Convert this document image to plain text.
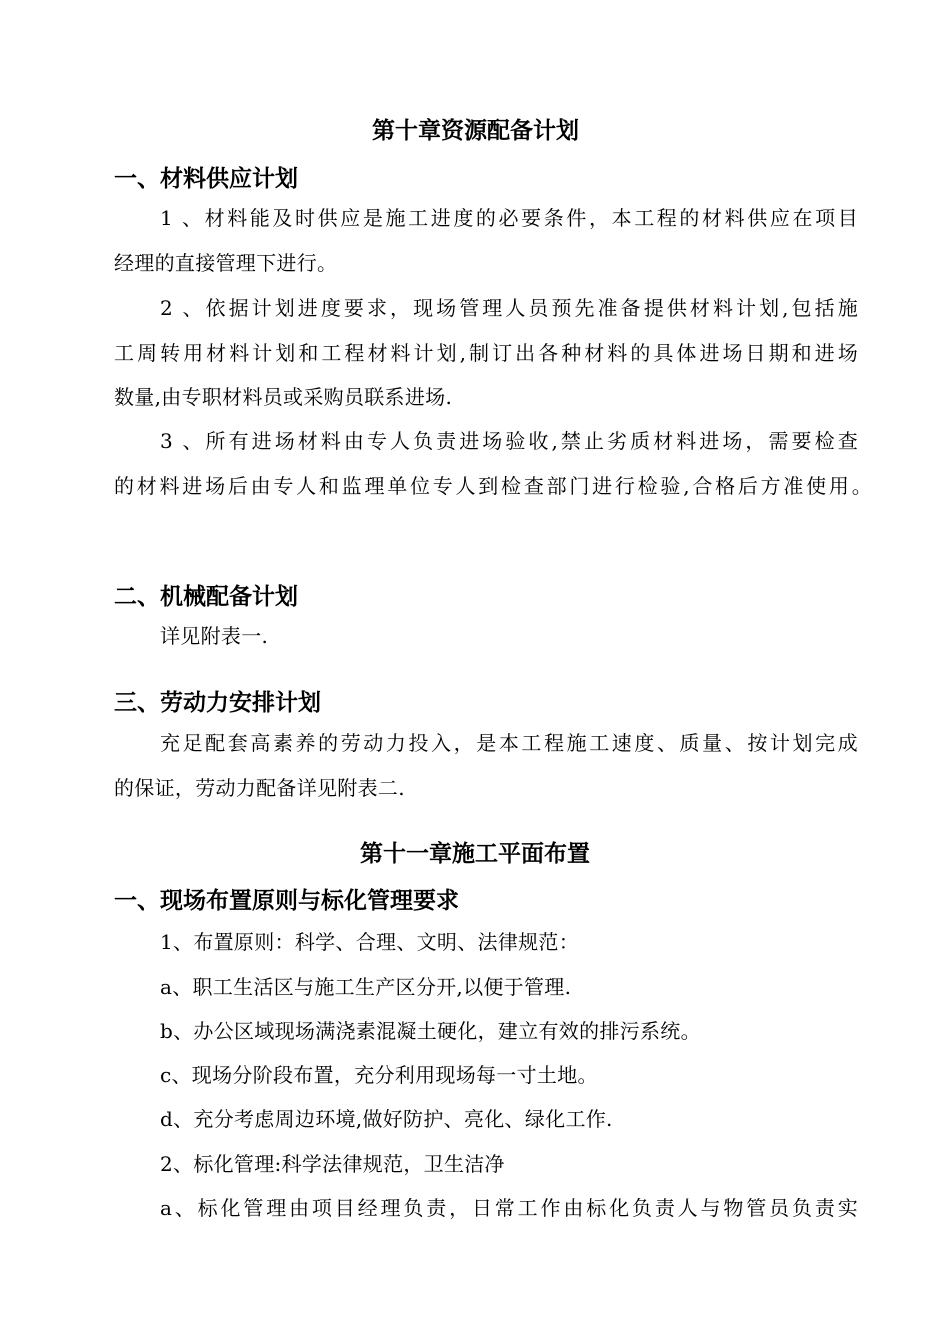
第十章资源配备计划
一、材料供应计划

1 、材料能及时供应是施工进度的必要条件，本工程的材料供应在项目

经理的直接管理下进行。

2 、依据计划进度要求，现场管理人员预先准备提供材料计划,包括施

工周转用材料计划和工程材料计划,制订出各种材料的具体进场日期和进场

数量,由专职材料员或采购员联系进场.

3 、所有进场材料由专人负责进场验收,禁止劣质材料进场，需要检查

的材料进场后由专人和监理单位专人到检查部门进行检验,合格后方准使用。

二、机械配备计划

详见附表一.

三、劳动力安排计划

充足配套高素养的劳动力投入，是本工程施工速度、质量、按计划完成

的保证，劳动力配备详见附表二.

第十一章施工平面布置
一、现场布置原则与标化管理要求

1、布置原则：科学、合理、文明、法律规范：

a、职工生活区与施工生产区分开,以便于管理.

b、办公区域现场满浇素混凝土硬化，建立有效的排污系统。

c、现场分阶段布置，充分利用现场每一寸土地。

d、充分考虑周边环境,做好防护、亮化、绿化工作.

2、标化管理:科学法律规范，卫生洁净

a、标化管理由项目经理负责，日常工作由标化负责人与物管员负责实
